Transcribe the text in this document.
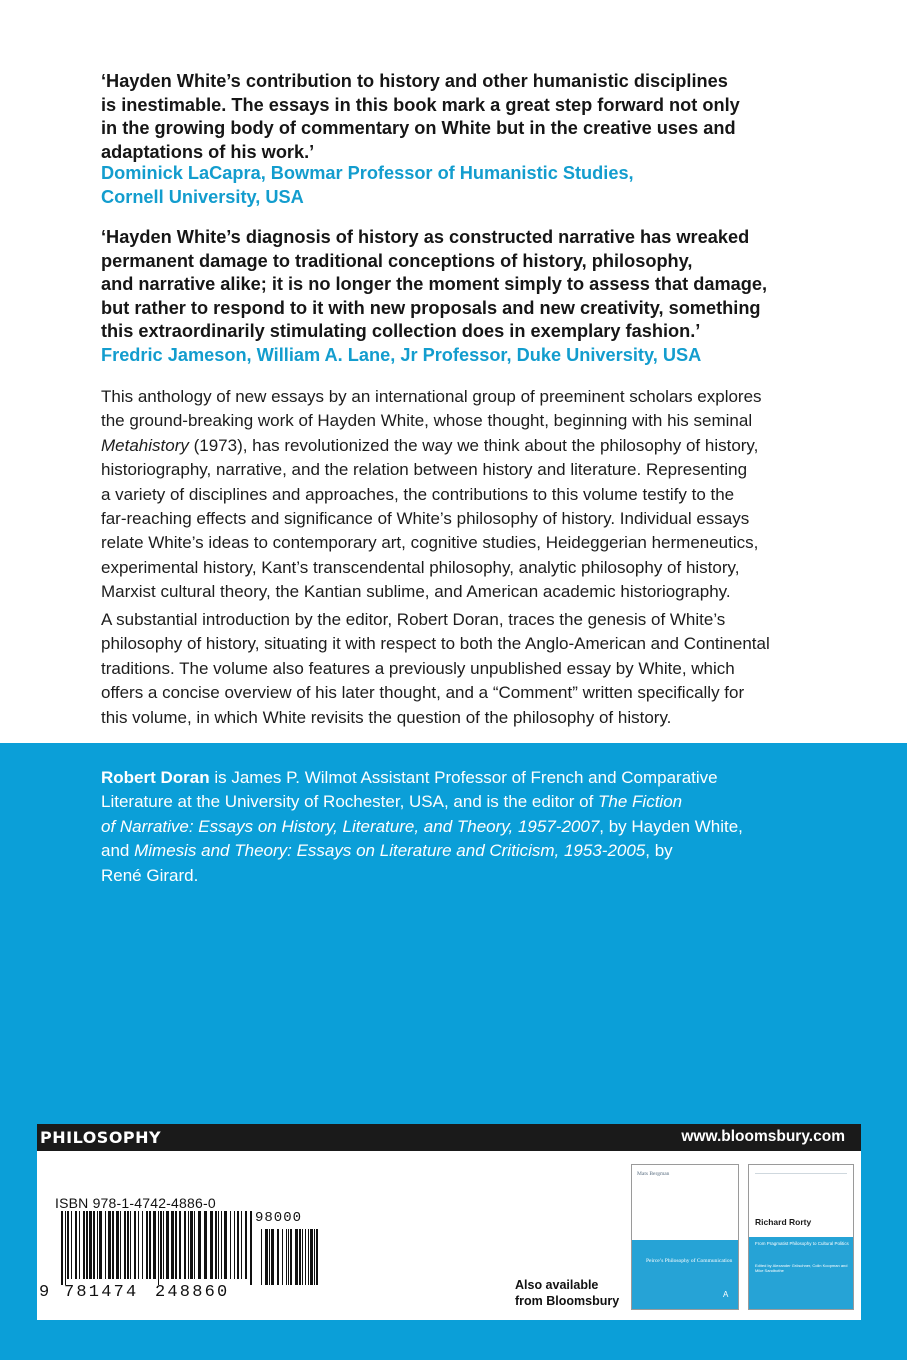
‘Hayden White’s contribution to history and other humanistic disciplines
is inestimable. The essays in this book mark a great step forward not only
in the growing body of commentary on White but in the creative uses and
adaptations of his work.’
Dominick LaCapra, Bowmar Professor of Humanistic Studies,
Cornell University, USA
‘Hayden White’s diagnosis of history as constructed narrative has wreaked
permanent damage to traditional conceptions of history, philosophy,
and narrative alike; it is no longer the moment simply to assess that damage,
but rather to respond to it with new proposals and new creativity, something
this extraordinarily stimulating collection does in exemplary fashion.’
Fredric Jameson, William A. Lane, Jr Professor, Duke University, USA
This anthology of new essays by an international group of preeminent scholars explores
the ground-breaking work of Hayden White, whose thought, beginning with his seminal
Metahistory (1973), has revolutionized the way we think about the philosophy of history,
historiography, narrative, and the relation between history and literature. Representing
a variety of disciplines and approaches, the contributions to this volume testify to the
far-reaching effects and significance of White’s philosophy of history. Individual essays
relate White’s ideas to contemporary art, cognitive studies, Heideggerian hermeneutics,
experimental history, Kant’s transcendental philosophy, analytic philosophy of history,
Marxist cultural theory, the Kantian sublime, and American academic historiography.
A substantial introduction by the editor, Robert Doran, traces the genesis of White’s
philosophy of history, situating it with respect to both the Anglo-American and Continental
traditions. The volume also features a previously unpublished essay by White, which
offers a concise overview of his later thought, and a “Comment” written specifically for
this volume, in which White revisits the question of the philosophy of history.
Robert Doran is James P. Wilmot Assistant Professor of French and Comparative
Literature at the University of Rochester, USA, and is the editor of The Fiction
of Narrative: Essays on History, Literature, and Theory, 1957-2007, by Hayden White,
and Mimesis and Theory: Essays on Literature and Criticism, 1953-2005, by
René Girard.
PHILOSOPHY	www.bloomsbury.com
ISBN 978-1-4742-4886-0
9 781474 248860
98000
Also available
from Bloomsbury
Mats Bergman
Peirce’s Philosophy of Communication
A
Richard Rorty
From Pragmatist Philosophy to Cultural Politics
Edited by Alexander Gröschner, Colin Koopman and Mike Sandbothe
